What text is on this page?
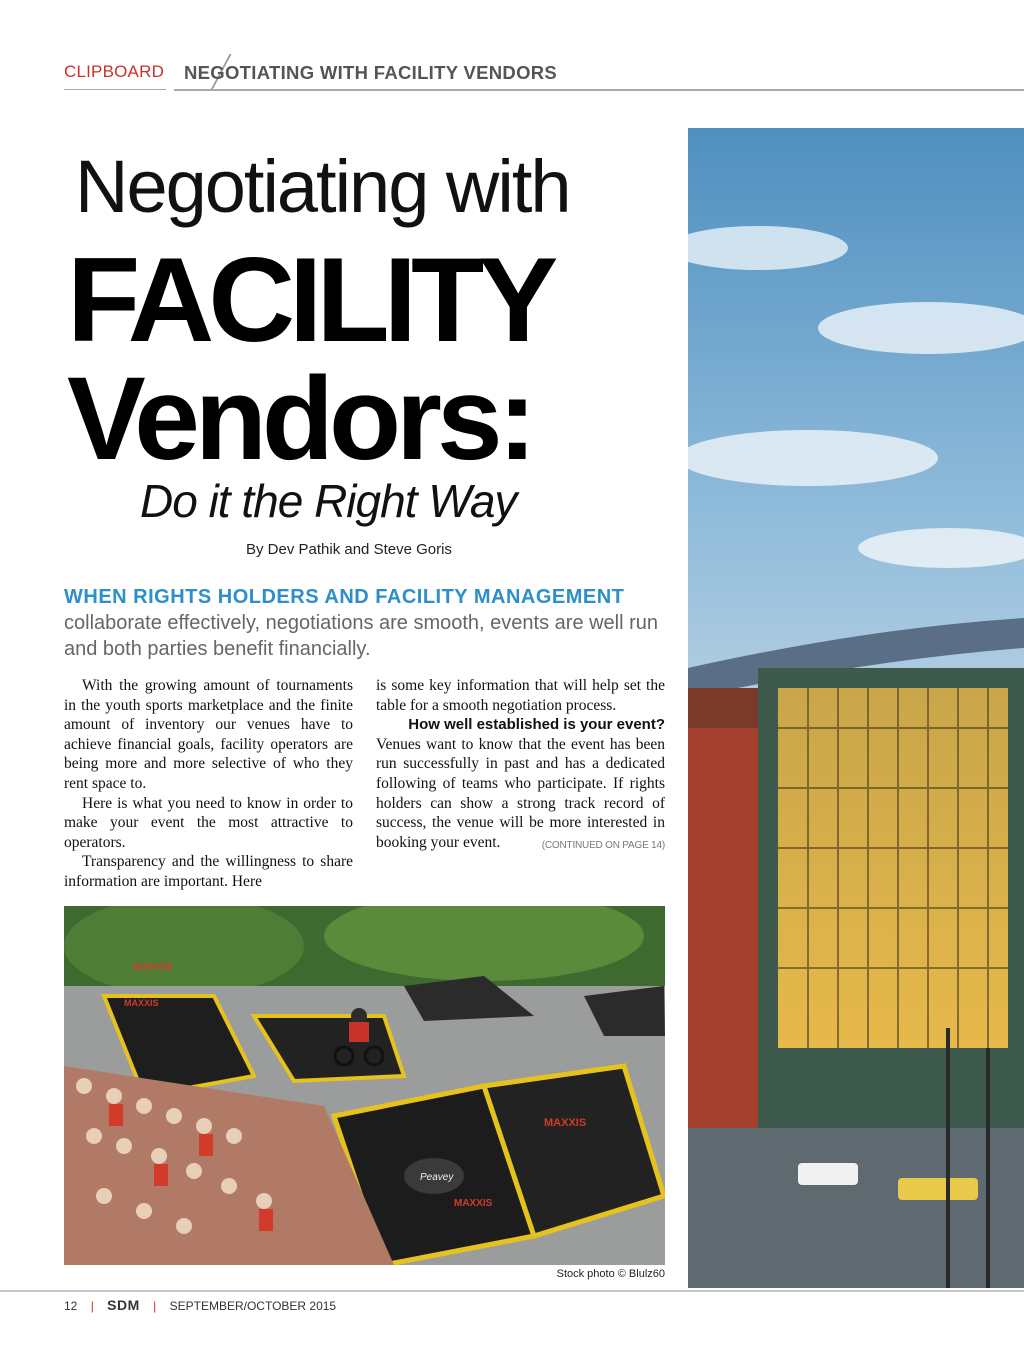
CLIPBOARD NEGOTIATING WITH FACILITY VENDORS
Negotiating with
FACILITY
Vendors:
Do it the Right Way
By Dev Pathik and Steve Goris
WHEN RIGHTS HOLDERS AND FACILITY MANAGEMENT collaborate effectively, negotiations are smooth, events are well run and both parties benefit financially.

With the growing amount of tournaments in the youth sports marketplace and the finite amount of inventory our venues have to achieve financial goals, facility operators are being more and more selective of who they rent space to.

Here is what you need to know in order to make your event the most attractive to operators.

Transparency and the willingness to share information are important. Here

is some key information that will help set the table for a smooth negotiation process.

How well established is your event?

Venues want to know that the event has been run successfully in past and has a dedicated following of teams who participate. If rights holders can show a strong track record of success, the venue will be more interested in booking your event.	(CONTINUED ON PAGE 14)

MAXXIS
MAXXIS
MAXXIS
MAXXIS
Peavey
Stock photo © Blulz60
12 | SDM | SEPTEMBER/OCTOBER 2015
